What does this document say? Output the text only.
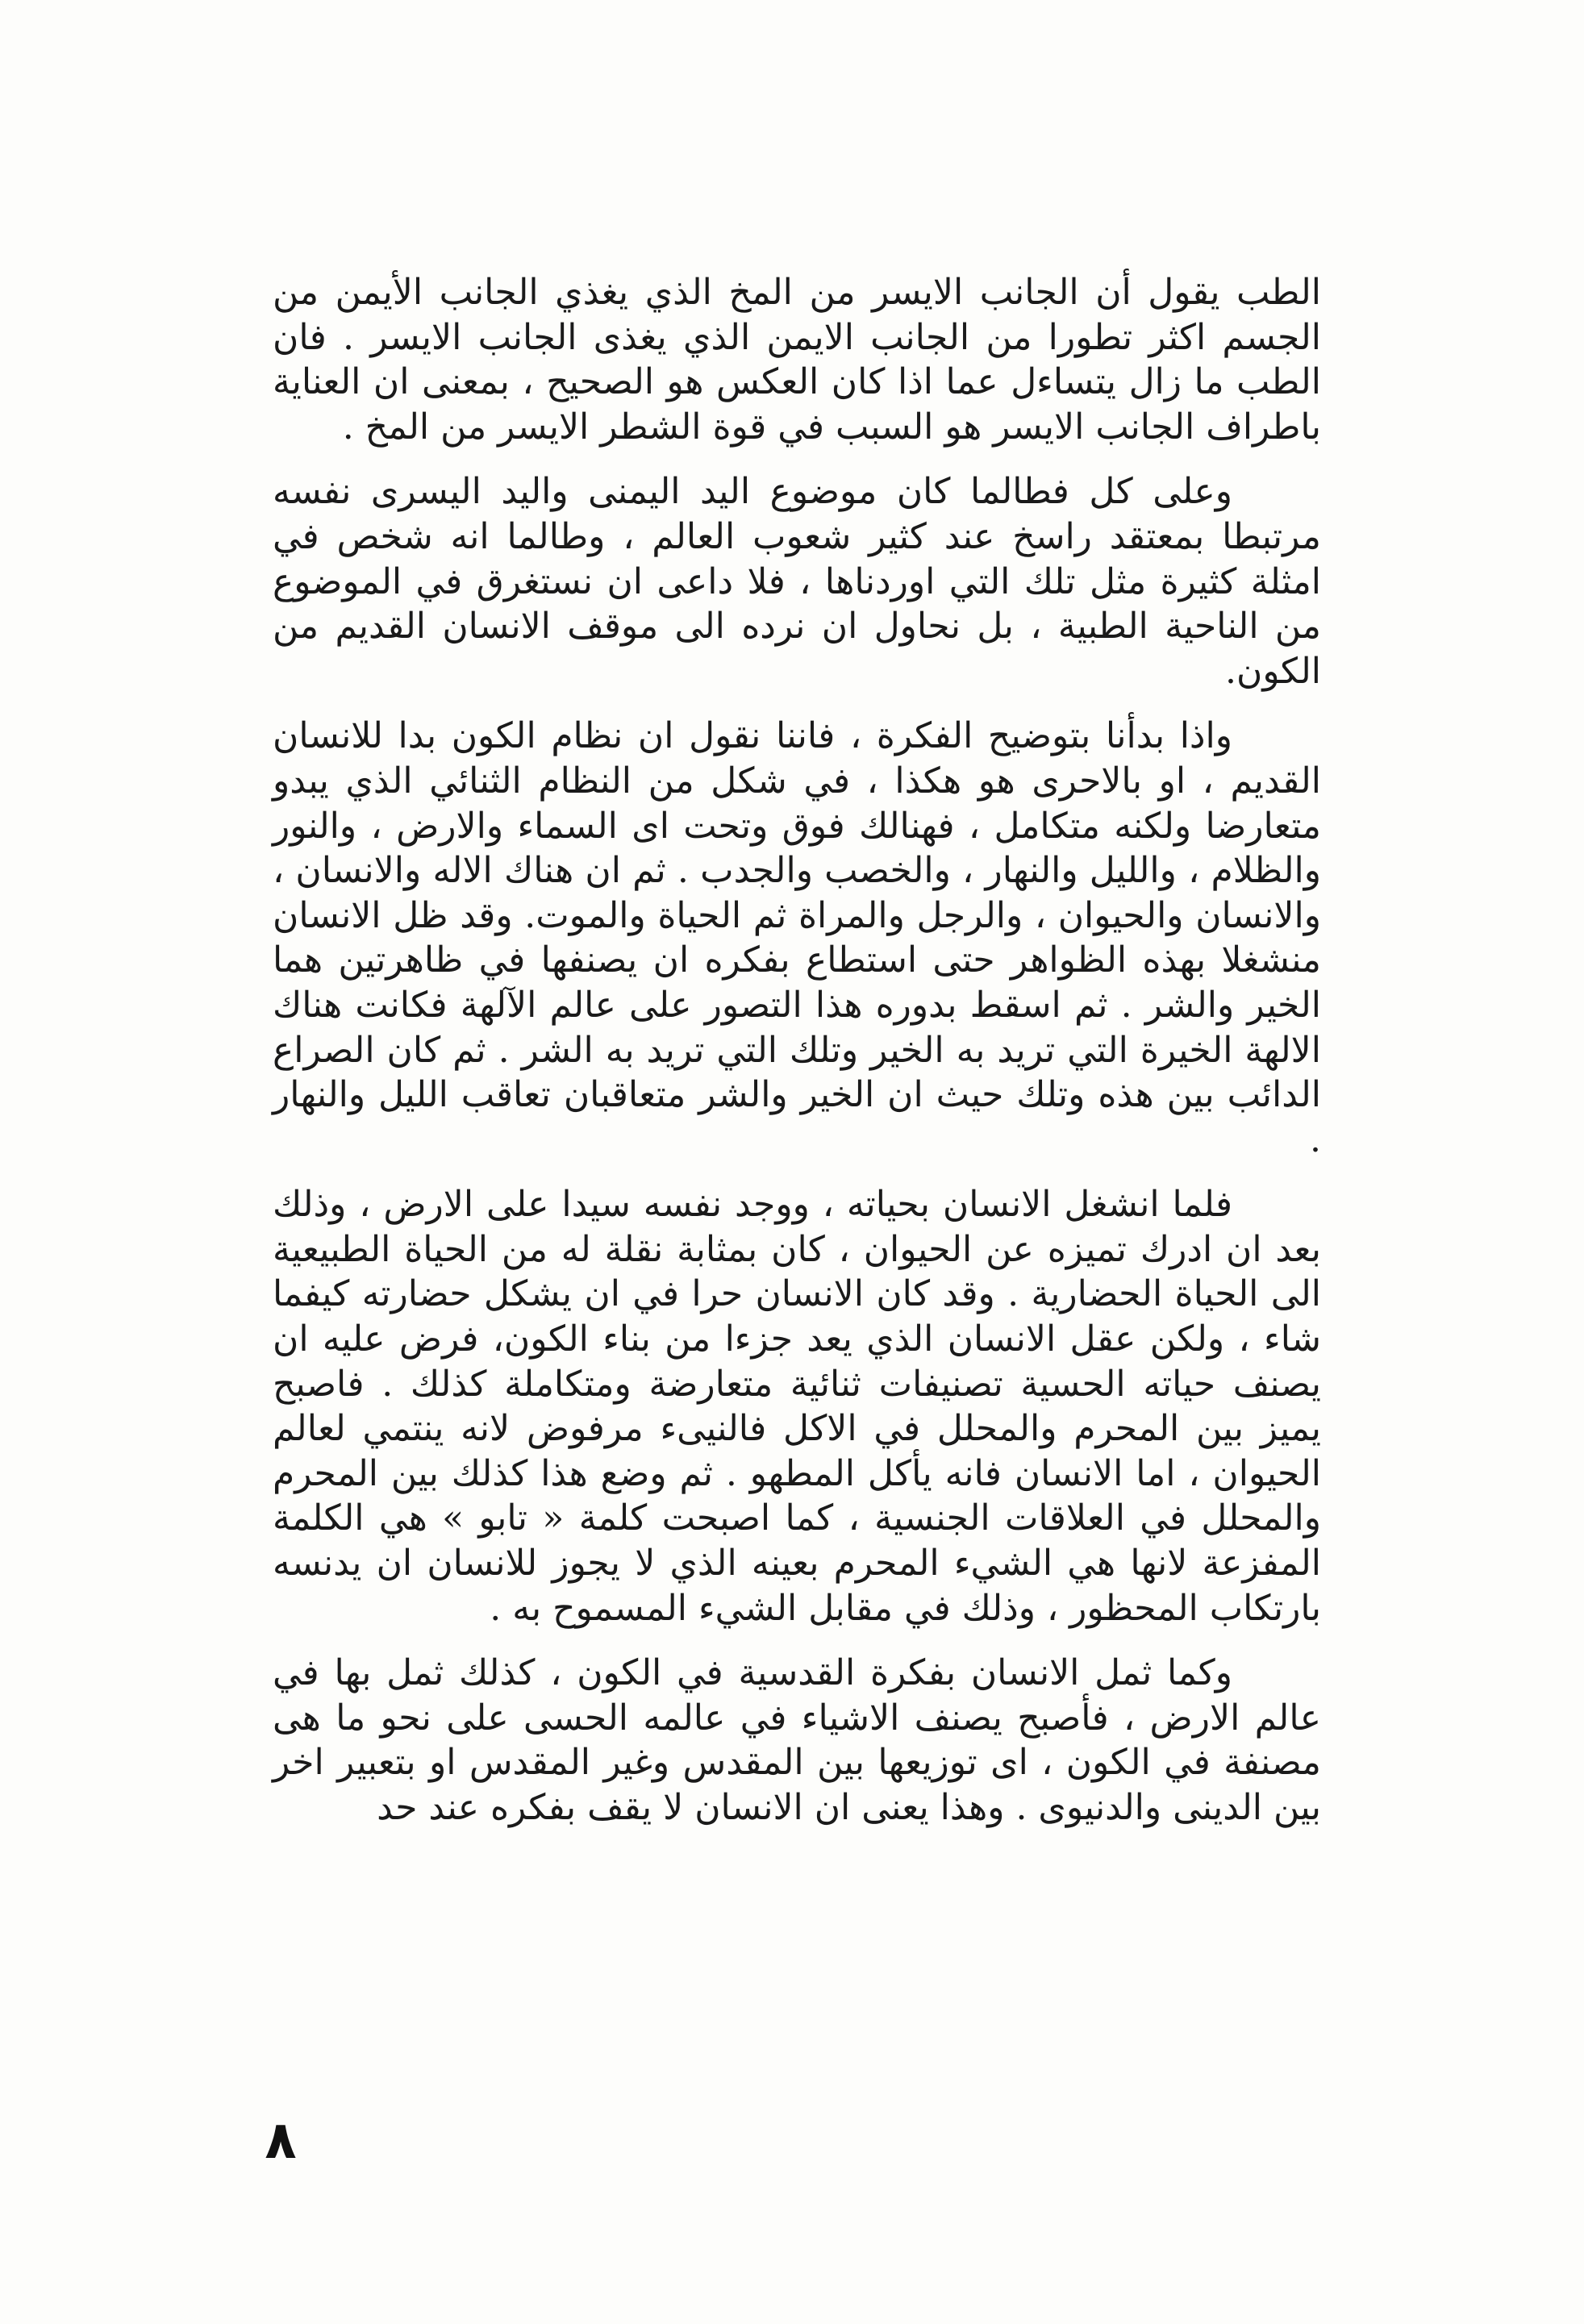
الطب يقول أن الجانب الايسر من المخ الذي يغذي الجانب الأيمن من الجسم اكثر تطورا من الجانب الايمن الذي يغذى الجانب الايسر . فان الطب ما زال يتساءل عما اذا كان العكس هو الصحيح ، بمعنى ان العناية باطراف الجانب الايسر هو السبب في قوة الشطر الايسر من المخ .

وعلى كل فطالما كان موضوع اليد اليمنى واليد اليسرى نفسه مرتبطا بمعتقد راسخ عند كثير شعوب العالم ، وطالما انه شخص في امثلة كثيرة مثل تلك التي اوردناها ، فلا داعى ان نستغرق في الموضوع من الناحية الطبية ، بل نحاول ان نرده الى موقف الانسان القديم من الكون.

واذا بدأنا بتوضيح الفكرة ، فاننا نقول ان نظام الكون بدا للانسان القديم ، او بالاحرى هو هكذا ، في شكل من النظام الثنائي الذي يبدو متعارضا ولكنه متكامل ، فهنالك فوق وتحت اى السماء والارض ، والنور والظلام ، والليل والنهار ، والخصب والجدب . ثم ان هناك الاله والانسان ، والانسان والحيوان ، والرجل والمراة ثم الحياة والموت. وقد ظل الانسان منشغلا بهذه الظواهر حتى استطاع بفكره ان يصنفها في ظاهرتين هما الخير والشر . ثم اسقط بدوره هذا التصور على عالم الآلهة فكانت هناك الالهة الخيرة التي تريد به الخير وتلك التي تريد به الشر . ثم كان الصراع الدائب بين هذه وتلك حيث ان الخير والشر متعاقبان تعاقب الليل والنهار .

فلما انشغل الانسان بحياته ، ووجد نفسه سيدا على الارض ، وذلك بعد ان ادرك تميزه عن الحيوان ، كان بمثابة نقلة له من الحياة الطبيعية الى الحياة الحضارية . وقد كان الانسان حرا في ان يشكل حضارته كيفما شاء ، ولكن عقل الانسان الذي يعد جزءا من بناء الكون، فرض عليه ان يصنف حياته الحسية تصنيفات ثنائية متعارضة ومتكاملة كذلك . فاصبح يميز بين المحرم والمحلل في الاكل فالنيىء مرفوض لانه ينتمي لعالم الحيوان ، اما الانسان فانه يأكل المطهو . ثم وضع هذا كذلك بين المحرم والمحلل في العلاقات الجنسية ، كما اصبحت كلمة « تابو » هي الكلمة المفزعة لانها هي الشيء المحرم بعينه الذي لا يجوز للانسان ان يدنسه بارتكاب المحظور ، وذلك في مقابل الشيء المسموح به .

وكما ثمل الانسان بفكرة القدسية في الكون ، كذلك ثمل بها في عالم الارض ، فأصبح يصنف الاشياء في عالمه الحسى على نحو ما هى مصنفة في الكون ، اى توزيعها بين المقدس وغير المقدس او بتعبير اخر بين الدينى والدنيوى . وهذا يعنى ان الانسان لا يقف بفكره عند حد

٨
